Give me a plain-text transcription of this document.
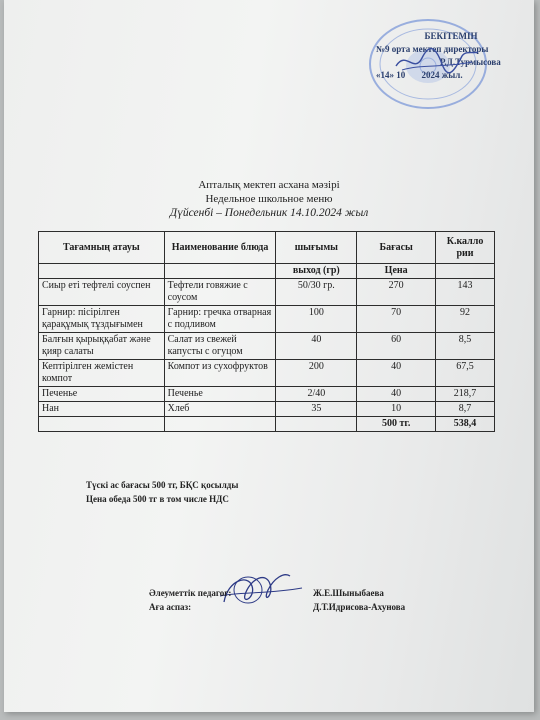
БЕКІТЕМІН
№9 орта мектеп директоры
Р.Д.Турмысова
«14» 10 2024 жыл.
Апталық мектеп асхана мәзірі
Недельное школьное меню
Дүйсенбі – Понедельник 14.10.2024 жыл
Тағамның атауы	Наименование блюда	шығымы	Бағасы	К.калло рии
		выход (гр)	Цена	
Сиыр еті тефтелі соуспен	Тефтели говяжие с соусом	50/30 гр.	270	143
Гарнир: пісірілген қарақұмық тұздығымен	Гарнир: гречка отварная с подливом	100	70	92
Балғын қырыққабат және қияр салаты	Салат из свежей капусты с огуцом	40	60	8,5
Кептірілген жемістен компот	Компот из сухофруктов	200	40	67,5
Печенье	Печенье	2/40	40	218,7
Нан	Хлеб	35	10	8,7
			500 тг.	538,4
Түскі ас бағасы 500 тг, БҚС қосылды
Цена обеда 500 тг в том числе НДС
Әлеуметтік педагог:	Ж.Е.Шыныбаева
Аға аспаз:	Д.Т.Идрисова-Ахунова
